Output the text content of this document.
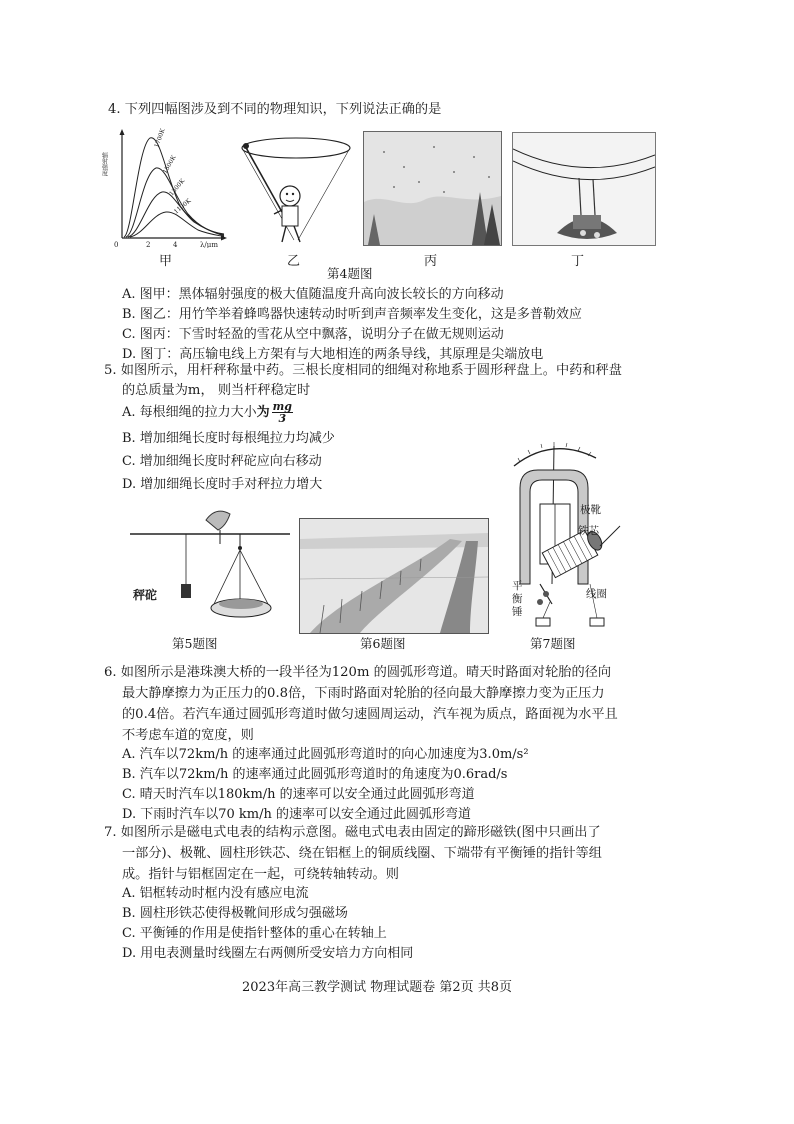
4. 下列四幅图涉及到不同的物理知识，下列说法正确的是
辐射强度
0	2	4	λ/μm
1700K
1500K
1300K
1100K
甲	乙	丙	丁
第4题图
A. 图甲：黑体辐射强度的极大值随温度升高向波长较长的方向移动
B. 图乙：用竹竿举着蜂鸣器快速转动时听到声音频率发生变化，这是多普勒效应
C. 图丙：下雪时轻盈的雪花从空中飘落，说明分子在做无规则运动
D. 图丁：高压输电线上方架有与大地相连的两条导线，其原理是尖端放电
5. 如图所示，用杆秤称量中药。三根长度相同的细绳对称地系于圆形秤盘上。中药和秤盘
的总质量为m， 则当杆秤稳定时
A. 每根细绳的拉力大小为 $\frac{mg}{3}$
B. 增加细绳长度时每根绳拉力均减少
C. 增加细绳长度时秤砣应向右移动
D. 增加细绳长度时手对秤拉力增大
秤砣
第5题图	第6题图
极靴
铁芯
线圈
平
衡
锤
第7题图
6. 如图所示是港珠澳大桥的一段半径为120m 的圆弧形弯道。晴天时路面对轮胎的径向
最大静摩擦力为正压力的0.8倍，下雨时路面对轮胎的径向最大静摩擦力变为正压力
的0.4倍。若汽车通过圆弧形弯道时做匀速圆周运动，汽车视为质点，路面视为水平且
不考虑车道的宽度，则
A. 汽车以72km/h 的速率通过此圆弧形弯道时的向心加速度为3.0m/s²
B. 汽车以72km/h 的速率通过此圆弧形弯道时的角速度为0.6rad/s
C. 晴天时汽车以180km/h 的速率可以安全通过此圆弧形弯道
D. 下雨时汽车以70 km/h 的速率可以安全通过此圆弧形弯道
7. 如图所示是磁电式电表的结构示意图。磁电式电表由固定的蹄形磁铁(图中只画出了
一部分)、极靴、圆柱形铁芯、绕在铝框上的铜质线圈、下端带有平衡锤的指针等组
成。指针与铝框固定在一起，可绕转轴转动。则
A. 铝框转动时框内没有感应电流
B. 圆柱形铁芯使得极靴间形成匀强磁场
C. 平衡锤的作用是使指针整体的重心在转轴上
D. 用电表测量时线圈左右两侧所受安培力方向相同
2023年高三教学测试 物理试题卷 第2页 共8页
